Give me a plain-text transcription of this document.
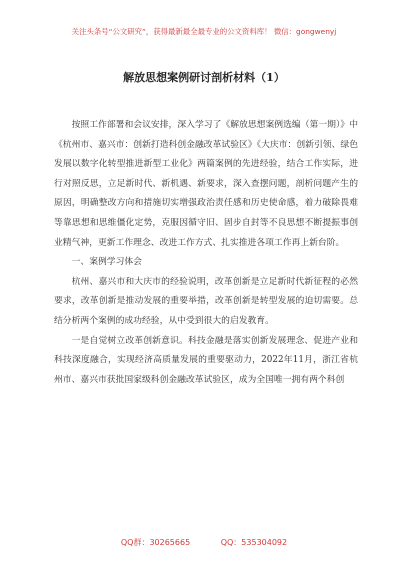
关注头条号“公文研究”，获得最新最全最专业的公文资料库！ 微信：gongwenyj
解放思想案例研讨剖析材料（1）

按照工作部署和会议安排，深入学习了《解放思想案例选编（第一期）》中《杭州市、嘉兴市：创新打造科创金融改革试验区》《大庆市：创新引领、绿色发展以数字化转型推进新型工业化》两篇案例的先进经验，结合工作实际，进行对照反思，立足新时代、新机遇、新要求，深入查摆问题，剖析问题产生的原因，明确整改方向和措施切实增强政治责任感和历史使命感，着力破除畏难等靠思想和思维僵化定势，克服因循守旧、固步自封等不良思想不断提振事创业精气神，更新工作理念、改进工作方式、扎实推进各项工作再上新台阶。

一、案例学习体会

杭州、嘉兴市和大庆市的经验说明，改革创新是立足新时代新征程的必然要求，改革创新是推动发展的重要举措，改革创新是转型发展的迫切需要。总结分析两个案例的成功经验，从中受到很大的启发教育。

一是自觉树立改革创新意识。科技金融是落实创新发展理念、促进产业和科技深度融合，实现经济高质量发展的重要驱动力，2022年11月，浙江省杭州市、嘉兴市获批国家级科创金融改革试验区，成为全国唯一拥有两个科创

QQ群：30265665 QQ：535304092
